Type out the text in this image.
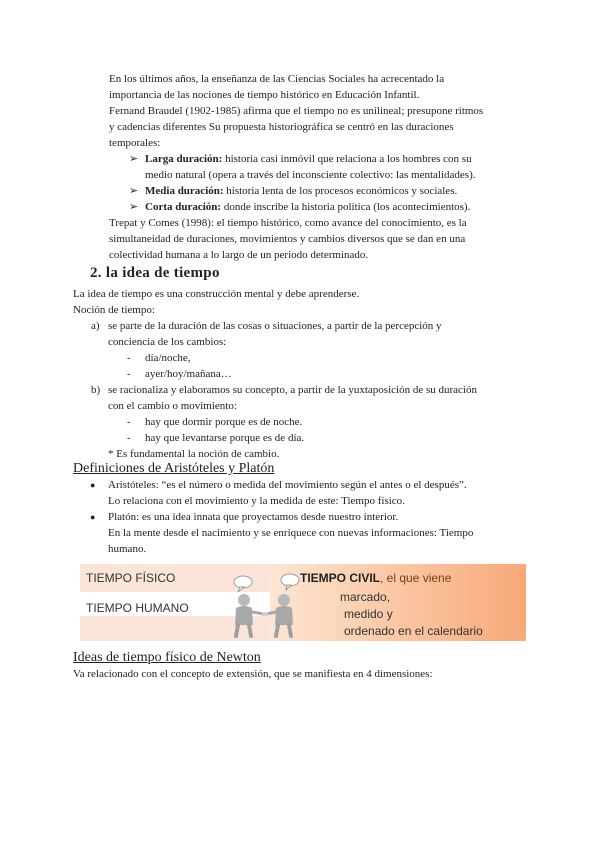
En los últimos años, la enseñanza de las Ciencias Sociales ha acrecentado la

importancia de las nociones de tiempo histórico en Educación Infantil.

Fernand Braudel (1902-1985) afirma que el tiempo no es unilineal; presupone ritmos

y cadencias diferentes Su propuesta historiográfica se centró en las duraciones

temporales:

➢ Larga duración: historia casi inmóvil que relaciona a los hombres con su
medio natural (opera a través del inconsciente colectivo: las mentalidades).
➢ Media duración: historia lenta de los procesos económicos y sociales.
➢ Corta duración: donde inscribe la historia política (los acontecimientos).

Trepat y Comes (1998): el tiempo histórico, como avance del conocimiento, es la

simultaneidad de duraciones, movimientos y cambios diversos que se dan en una

colectividad humana a lo largo de un periodo determinado.

2. la idea de tiempo

La idea de tiempo es una construcción mental y debe aprenderse.

Noción de tiempo:

a) se parte de la duración de las cosas o situaciones, a partir de la percepción y
conciencia de los cambios:
- día/noche,
- ayer/hoy/mañana…
b) se racionaliza y elaboramos su concepto, a partir de la yuxtaposición de su duración
con el cambio o movimiento:
- hay que dormir porque es de noche.
- hay que levantarse porque es de día.

* Es fundamental la noción de cambio.

Definiciones de Aristóteles y Platón
● Aristóteles: “es el número o medida del movimiento según el antes o el después”.

Lo relaciona con el movimiento y la medida de este: Tiempo físico.

● Platón: es una idea innata que proyectamos desde nuestro interior.

En la mente desde el nacimiento y se enriquece con nuevas informaciones: Tiempo

humano.

TIEMPO FÍSICO
TIEMPO HUMANO
TIEMPO CIVIL, el que viene
marcado,
medido y
ordenado en el calendario
Ideas de tiempo físico de Newton

Va relacionado con el concepto de extensión, que se manifiesta en 4 dimensiones:
